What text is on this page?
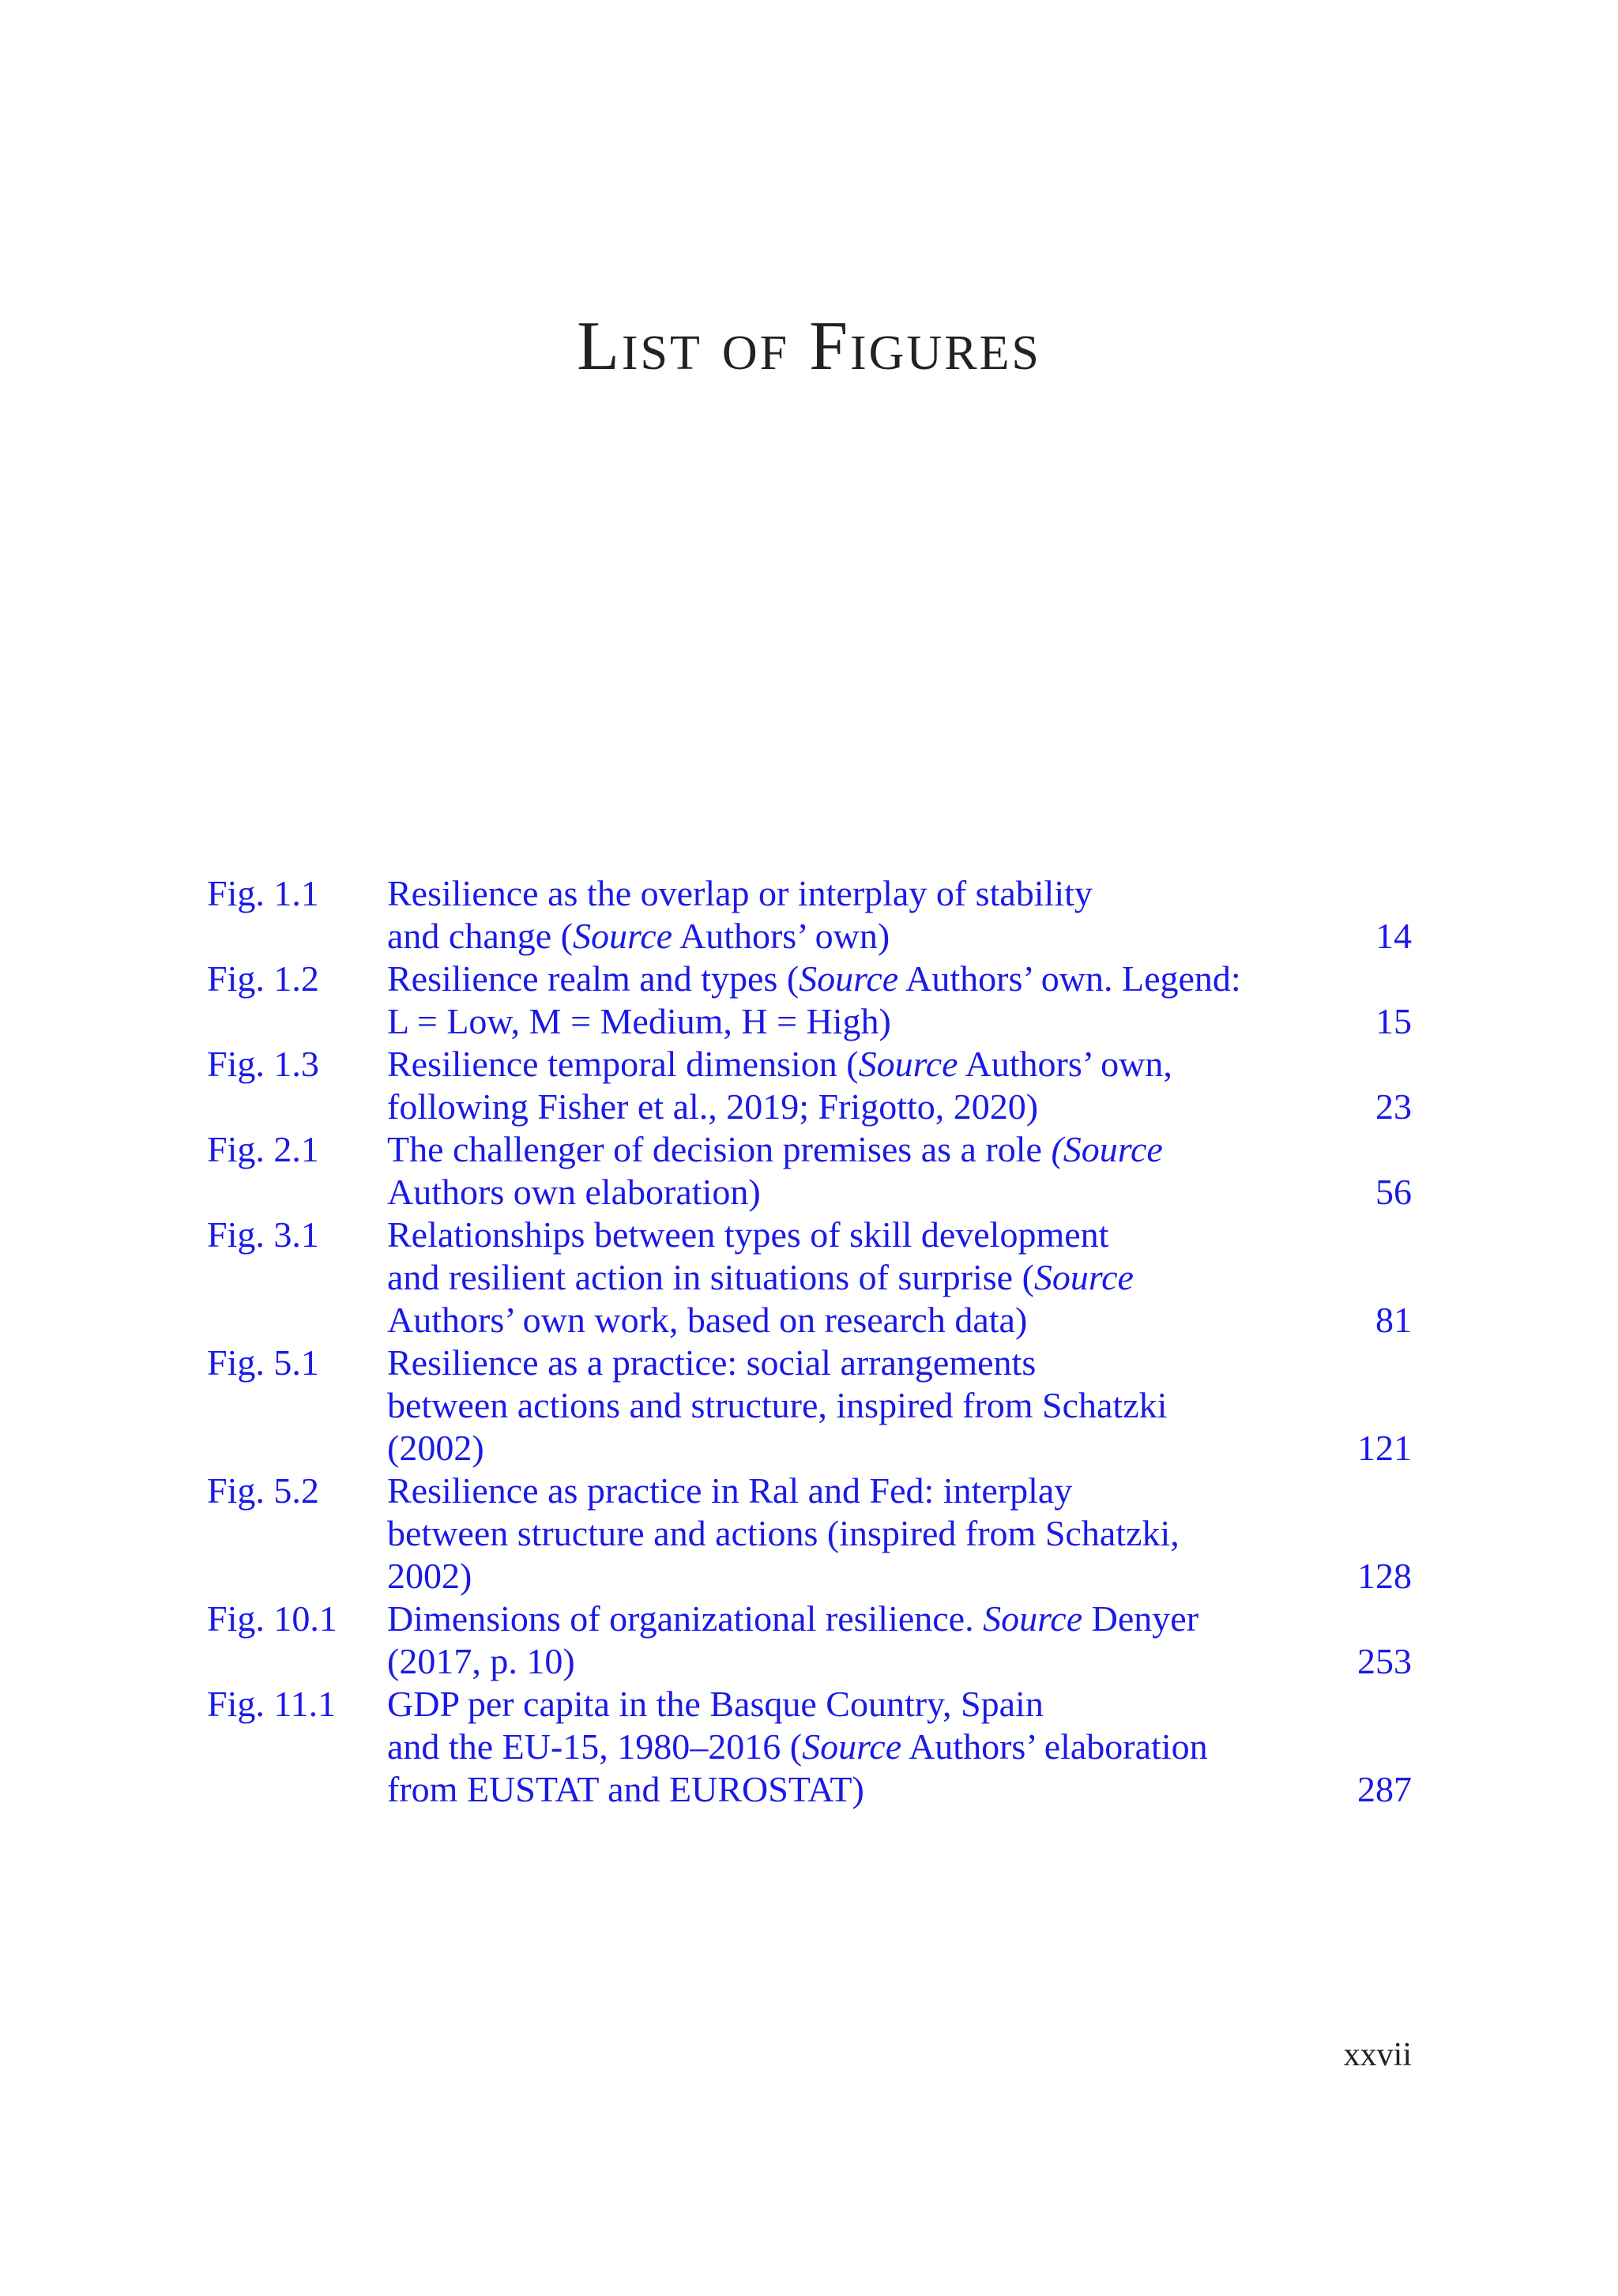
List of Figures
Fig. 1.1	Resilience as the overlap or interplay of stability
and change (Source Authors’ own)	14
Fig. 1.2	Resilience realm and types (Source Authors’ own. Legend:
L = Low, M = Medium, H = High)	15
Fig. 1.3	Resilience temporal dimension (Source Authors’ own,
following Fisher et al., 2019; Frigotto, 2020)	23
Fig. 2.1	The challenger of decision premises as a role (Source
Authors own elaboration)	56
Fig. 3.1	Relationships between types of skill development
and resilient action in situations of surprise (Source
Authors’ own work, based on research data)	81
Fig. 5.1	Resilience as a practice: social arrangements
between actions and structure, inspired from Schatzki
(2002)	121
Fig. 5.2	Resilience as practice in Ral and Fed: interplay
between structure and actions (inspired from Schatzki,
2002)	128
Fig. 10.1	Dimensions of organizational resilience. Source Denyer
(2017, p. 10)	253
Fig. 11.1	GDP per capita in the Basque Country, Spain
and the EU-15, 1980–2016 (Source Authors’ elaboration
from EUSTAT and EUROSTAT)	287
xxvii
